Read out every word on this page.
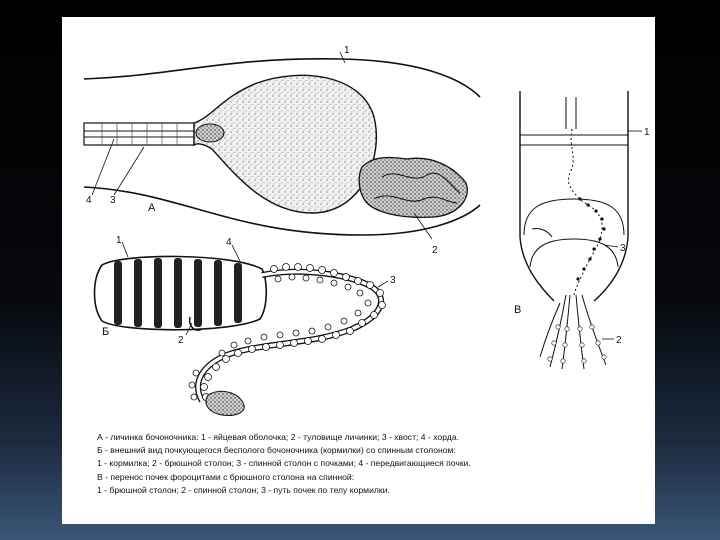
1
2
3
4
А
1
2
3
4
Б
1
2
3
В
А - личинка бочоночника: 1 - яйцевая оболочка; 2 - туловище личинки; 3 - хвост; 4 - хорда.
Б - внешний вид почкующегося бесполого бочоночника (кормилки) со спинным столоном:
1 - кормилка; 2 - брюшной столон; 3 - спинной столон с почками; 4 - передвигающиеся почки.
В - перенос почек фороцитами с брюшного столона на спинной:
1 - брюшной столон; 2 - спинной столон; 3 - путь почек по телу кормилки.
